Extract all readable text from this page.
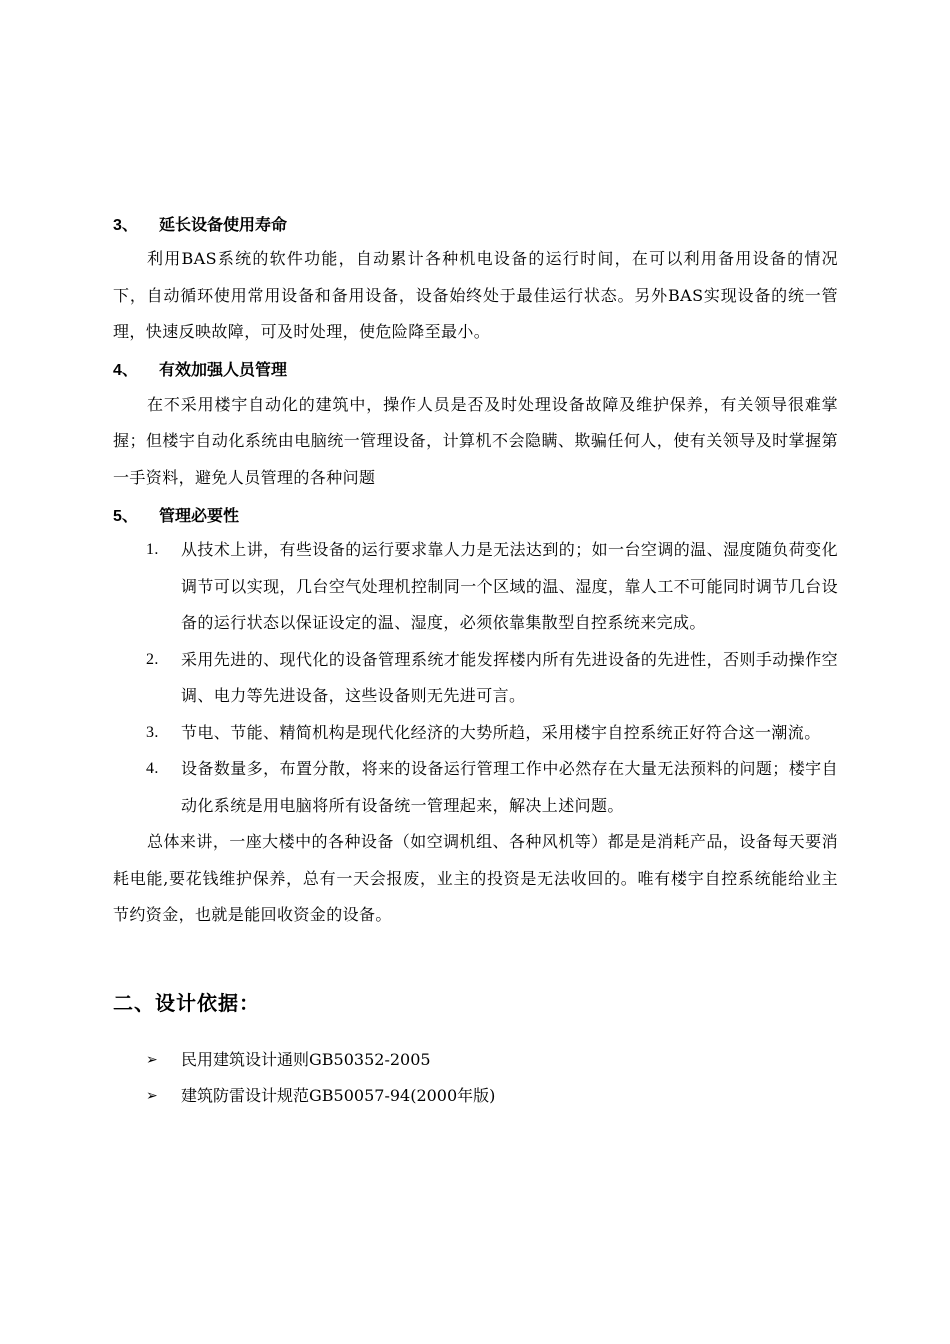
3、	延长设备使用寿命

利用BAS系统的软件功能，自动累计各种机电设备的运行时间，在可以利用备用设备的情况下，自动循环使用常用设备和备用设备，设备始终处于最佳运行状态。另外BAS实现设备的统一管理，快速反映故障，可及时处理，使危险降至最小。

4、	有效加强人员管理

在不采用楼宇自动化的建筑中，操作人员是否及时处理设备故障及维护保养，有关领导很难掌握；但楼宇自动化系统由电脑统一管理设备，计算机不会隐瞒、欺骗任何人，使有关领导及时掌握第一手资料，避免人员管理的各种问题

5、	管理必要性
1. 从技术上讲，有些设备的运行要求靠人力是无法达到的；如一台空调的温、湿度随负荷变化调节可以实现，几台空气处理机控制同一个区域的温、湿度，靠人工不可能同时调节几台设备的运行状态以保证设定的温、湿度，必须依靠集散型自控系统来完成。
2. 采用先进的、现代化的设备管理系统才能发挥楼内所有先进设备的先进性，否则手动操作空调、电力等先进设备，这些设备则无先进可言。
3. 节电、节能、精简机构是现代化经济的大势所趋，采用楼宇自控系统正好符合这一潮流。
4. 设备数量多，布置分散，将来的设备运行管理工作中必然存在大量无法预料的问题；楼宇自动化系统是用电脑将所有设备统一管理起来，解决上述问题。

总体来讲，一座大楼中的各种设备（如空调机组、各种风机等）都是是消耗产品，设备每天要消耗电能,要花钱维护保养，总有一天会报废，业主的投资是无法收回的。唯有楼宇自控系统能给业主节约资金，也就是能回收资金的设备。

二、设计依据：
➢ 民用建筑设计通则GB50352-2005
➢ 建筑防雷设计规范GB50057-94(2000年版)
